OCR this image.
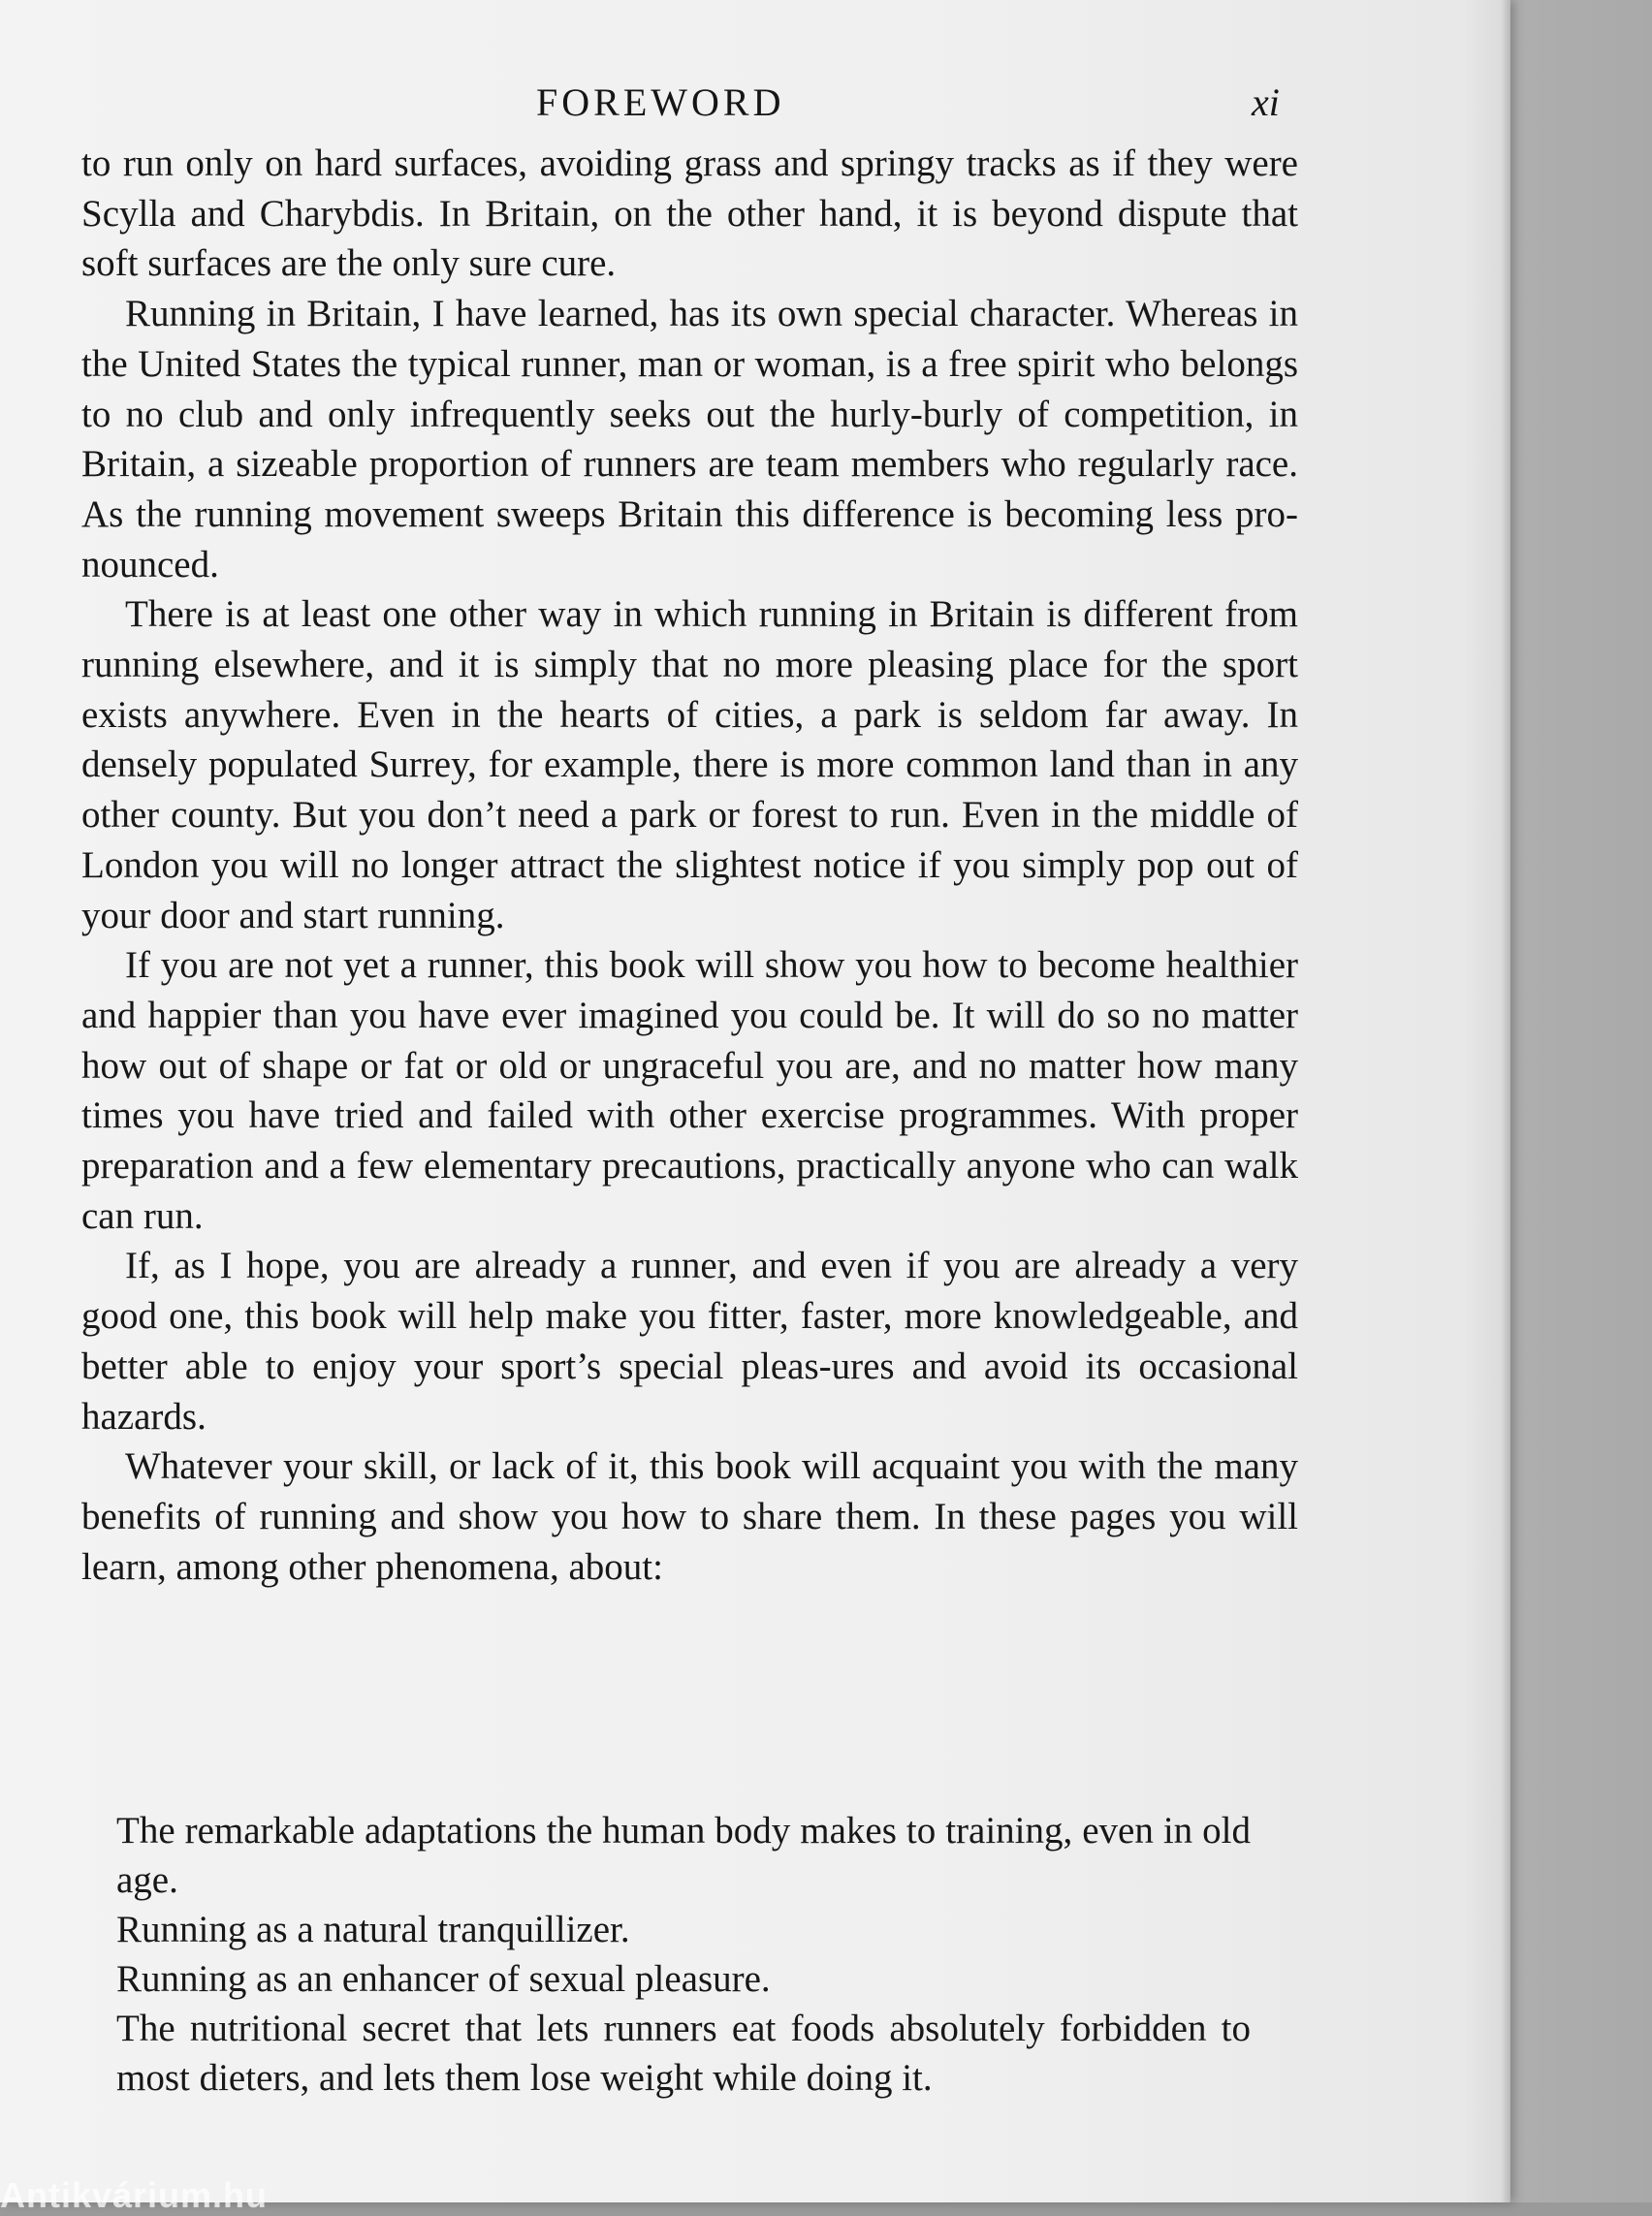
FOREWORD	xi

to run only on hard surfaces, avoiding grass and springy tracks as if they were Scylla and Charybdis. In Britain, on the other hand, it is beyond dispute that soft surfaces are the only sure cure.

Running in Britain, I have learned, has its own special character. Whereas in the United States the typical runner, man or woman, is a free spirit who belongs to no club and only infrequently seeks out the hurly-burly of competition, in Britain, a sizeable proportion of runners are team members who regularly race. As the running movement sweeps Britain this difference is becoming less pro-nounced.

There is at least one other way in which running in Britain is different from running elsewhere, and it is simply that no more pleasing place for the sport exists anywhere. Even in the hearts of cities, a park is seldom far away. In densely populated Surrey, for example, there is more common land than in any other county. But you don’t need a park or forest to run. Even in the middle of London you will no longer attract the slightest notice if you simply pop out of your door and start running.

If you are not yet a runner, this book will show you how to become healthier and happier than you have ever imagined you could be. It will do so no matter how out of shape or fat or old or ungraceful you are, and no matter how many times you have tried and failed with other exercise programmes. With proper preparation and a few elementary precautions, practically anyone who can walk can run.

If, as I hope, you are already a runner, and even if you are already a very good one, this book will help make you fitter, faster, more knowledgeable, and better able to enjoy your sport’s special pleas-ures and avoid its occasional hazards.

Whatever your skill, or lack of it, this book will acquaint you with the many benefits of running and show you how to share them. In these pages you will learn, among other phenomena, about:

The remarkable adaptations the human body makes to training, even in old age.

Running as a natural tranquillizer.

Running as an enhancer of sexual pleasure.

The nutritional secret that lets runners eat foods absolutely forbidden to most dieters, and lets them lose weight while doing it.

Antikvárium.hu
